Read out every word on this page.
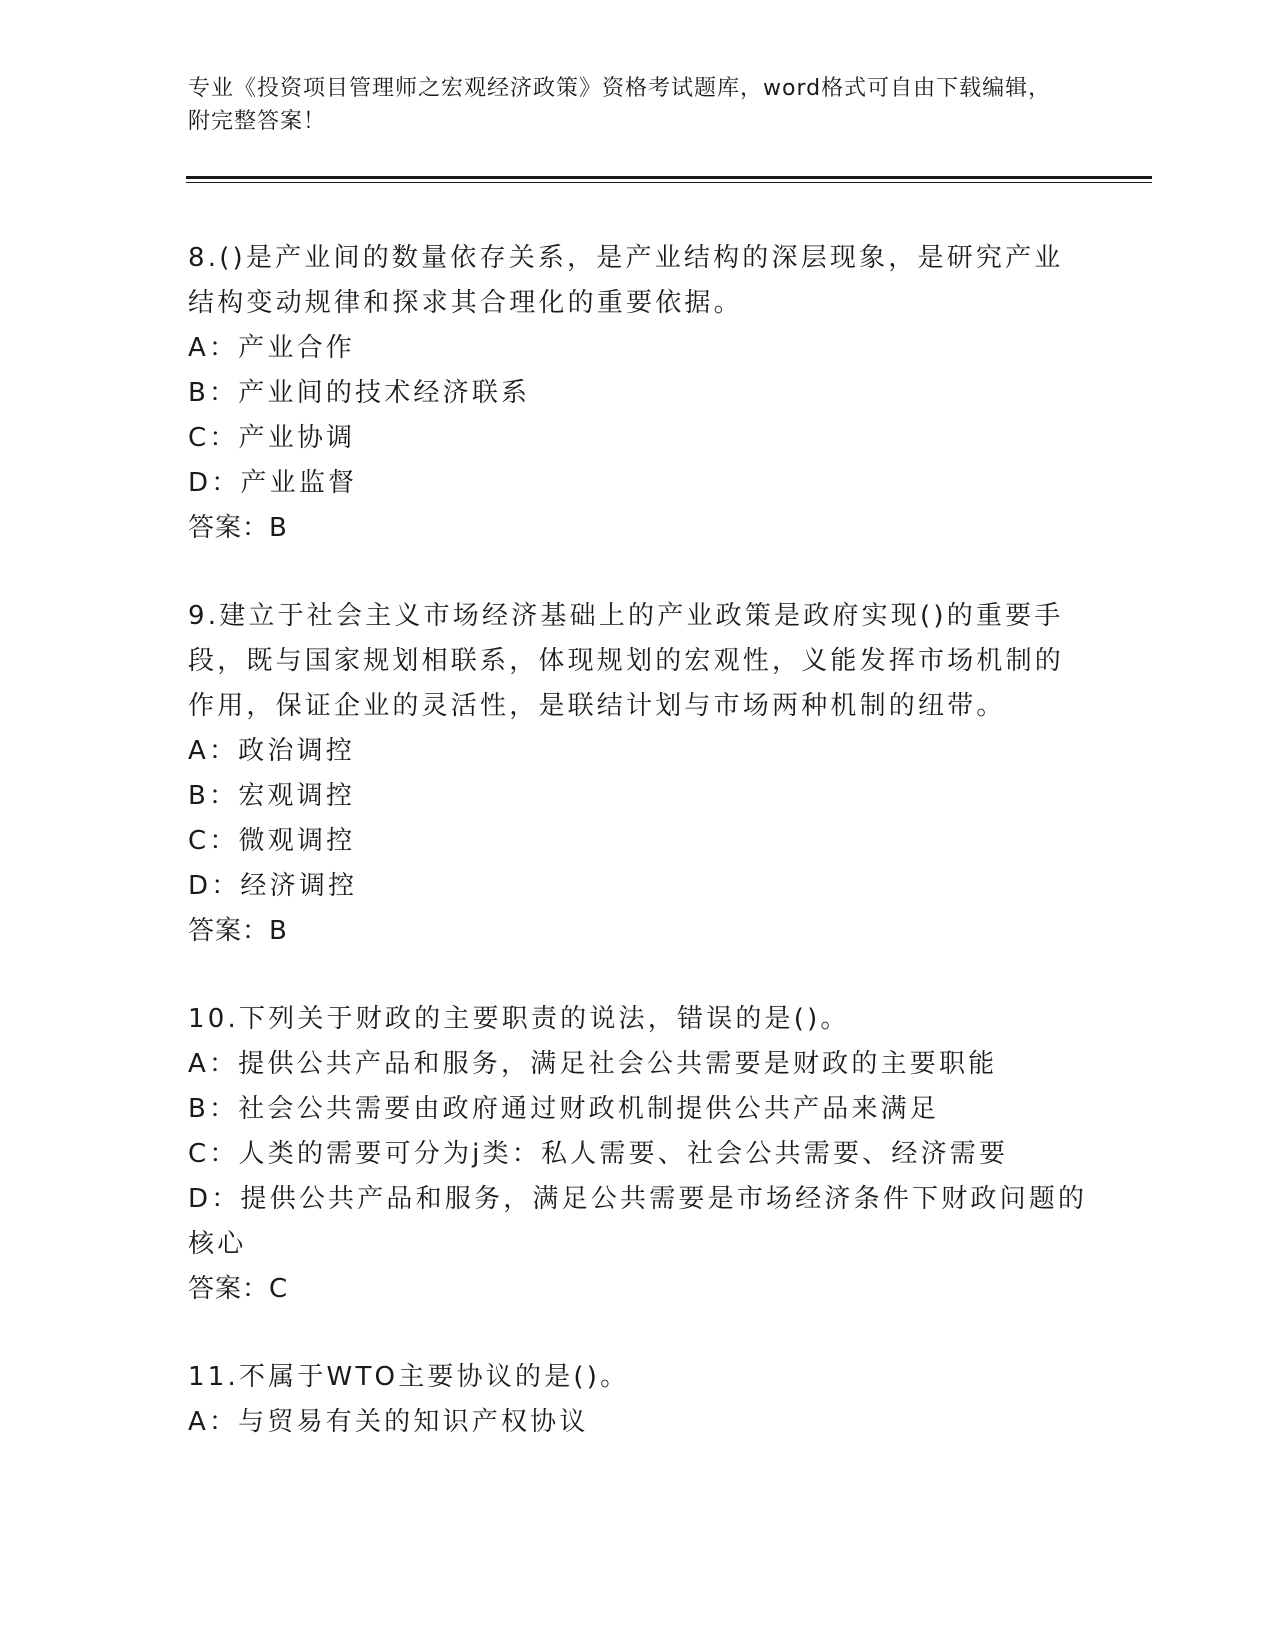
专业《投资项目管理师之宏观经济政策》资格考试题库，word格式可自由下载编辑，附完整答案！

8.()是产业间的数量依存关系，是产业结构的深层现象，是研究产业结构变动规律和探求其合理化的重要依据。

A：产业合作

B：产业间的技术经济联系

C：产业协调

D：产业监督

答案：B

9.建立于社会主义市场经济基础上的产业政策是政府实现()的重要手段，既与国家规划相联系，体现规划的宏观性，义能发挥市场机制的作用，保证企业的灵活性，是联结计划与市场两种机制的纽带。

A：政治调控

B：宏观调控

C：微观调控

D：经济调控

答案：B

10.下列关于财政的主要职责的说法，错误的是()。

A：提供公共产品和服务，满足社会公共需要是财政的主要职能

B：社会公共需要由政府通过财政机制提供公共产品来满足

C：人类的需要可分为j类：私人需要、社会公共需要、经济需要

D：提供公共产品和服务，满足公共需要是市场经济条件下财政问题的核心

答案：C

11.不属于WTO主要协议的是()。

A：与贸易有关的知识产权协议
